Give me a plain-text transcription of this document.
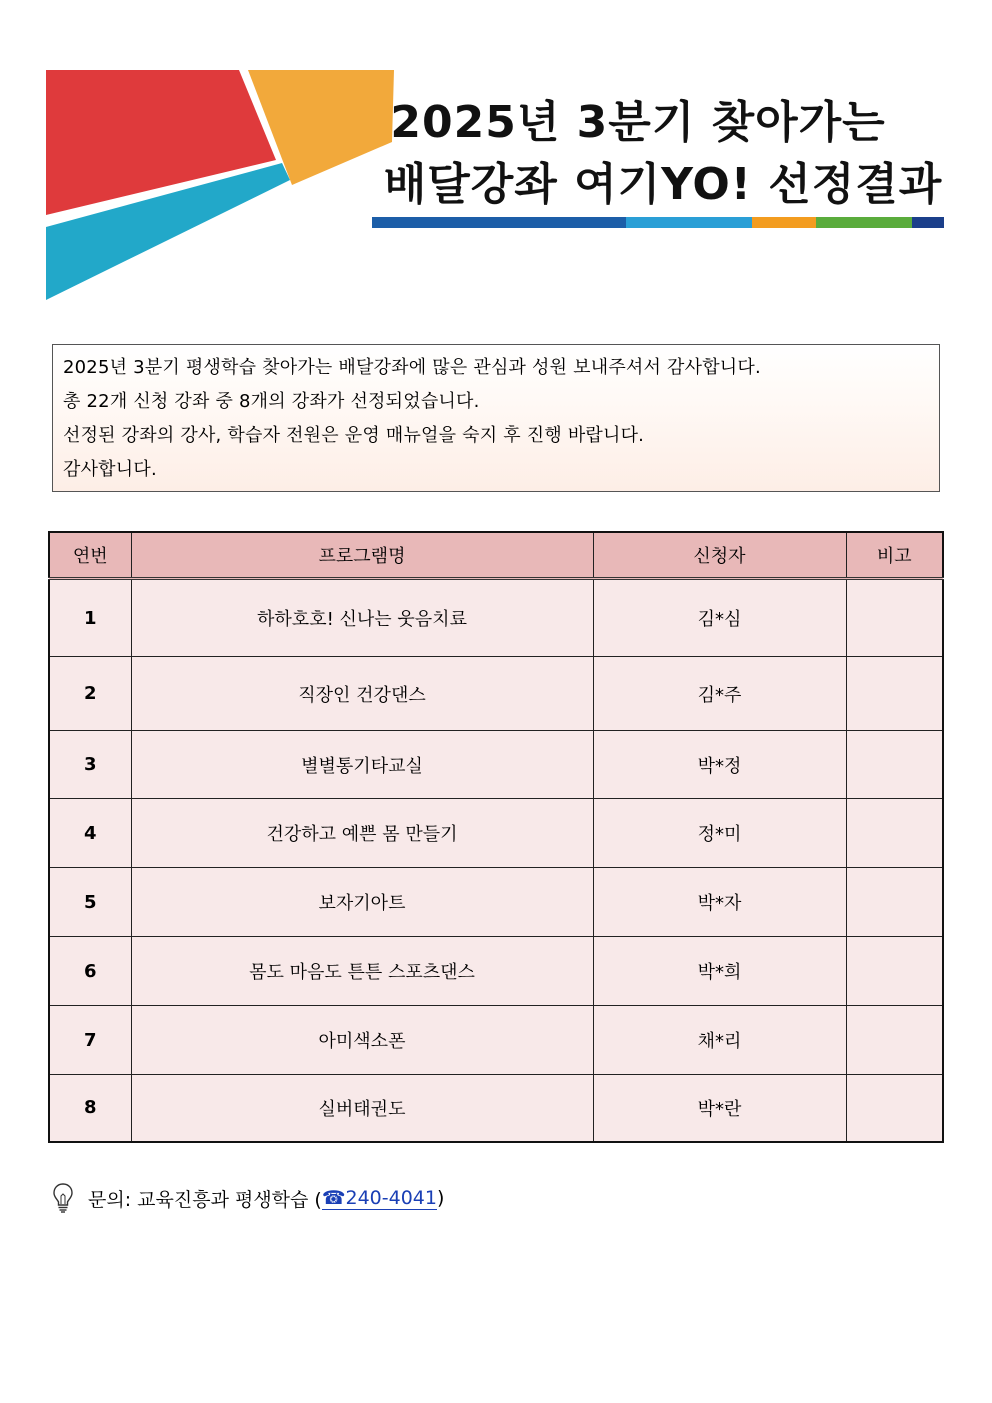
2025년 3분기 찾아가는
배달강좌 여기YO! 선정결과

2025년 3분기 평생학습 찾아가는 배달강좌에 많은 관심과 성원 보내주셔서 감사합니다.

총 22개 신청 강좌 중 8개의 강좌가 선정되었습니다.

선정된 강좌의 강사, 학습자 전원은 운영 매뉴얼을 숙지 후 진행 바랍니다.

감사합니다.

연번	프로그램명	신청자	비고
1	하하호호! 신나는 웃음치료	김*심	
2	직장인 건강댄스	김*주	
3	별별통기타교실	박*정	
4	건강하고 예쁜 몸 만들기	정*미	
5	보자기아트	박*자	
6	몸도 마음도 튼튼 스포츠댄스	박*희	
7	아미색소폰	채*리	
8	실버태권도	박*란	
문의: 교육진흥과 평생학습 ( ☎240-4041 )
